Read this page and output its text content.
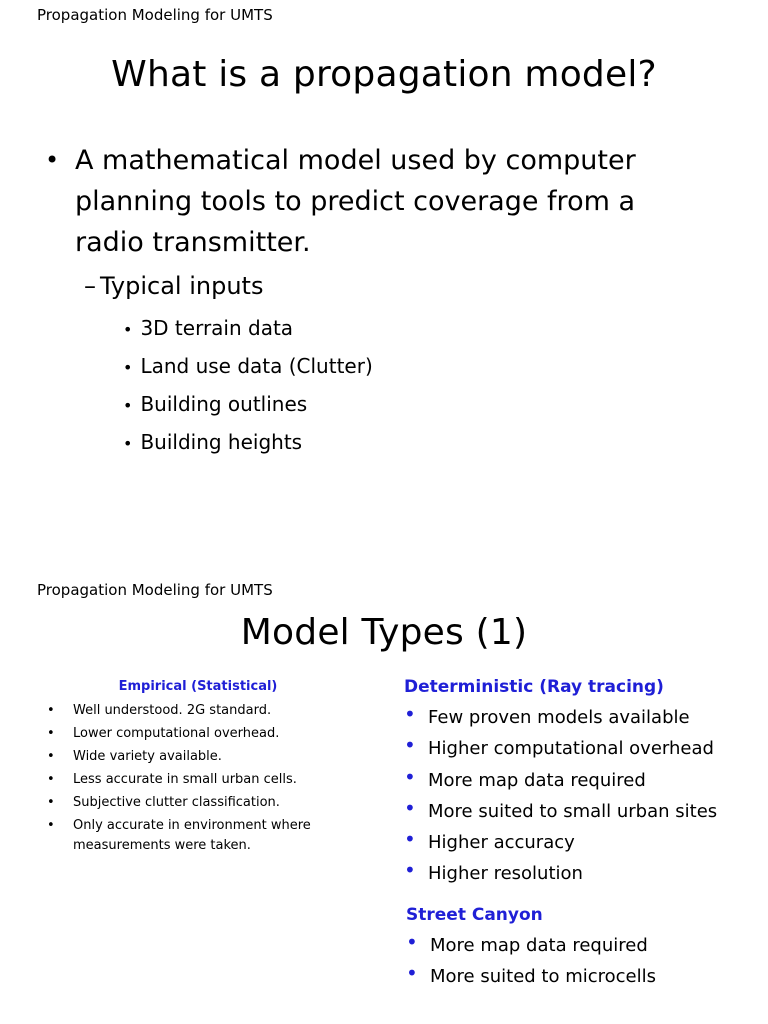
Propagation Modeling for UMTS
What is a propagation model?
• A mathematical model used by computer planning tools to predict coverage from a radio transmitter.
– Typical inputs
• 3D terrain data
• Land use data (Clutter)
• Building outlines
• Building heights
Propagation Modeling for UMTS
Model Types (1)
Empirical (Statistical)
• Well understood. 2G standard.
• Lower computational overhead.
• Wide variety available.
• Less accurate in small urban cells.
• Subjective clutter classification.
• Only accurate in environment where measurements were taken.
Deterministic (Ray tracing)
• Few proven models available
• Higher computational overhead
• More map data required
• More suited to small urban sites
• Higher accuracy
• Higher resolution
Street Canyon
• More map data required
• More suited to microcells
